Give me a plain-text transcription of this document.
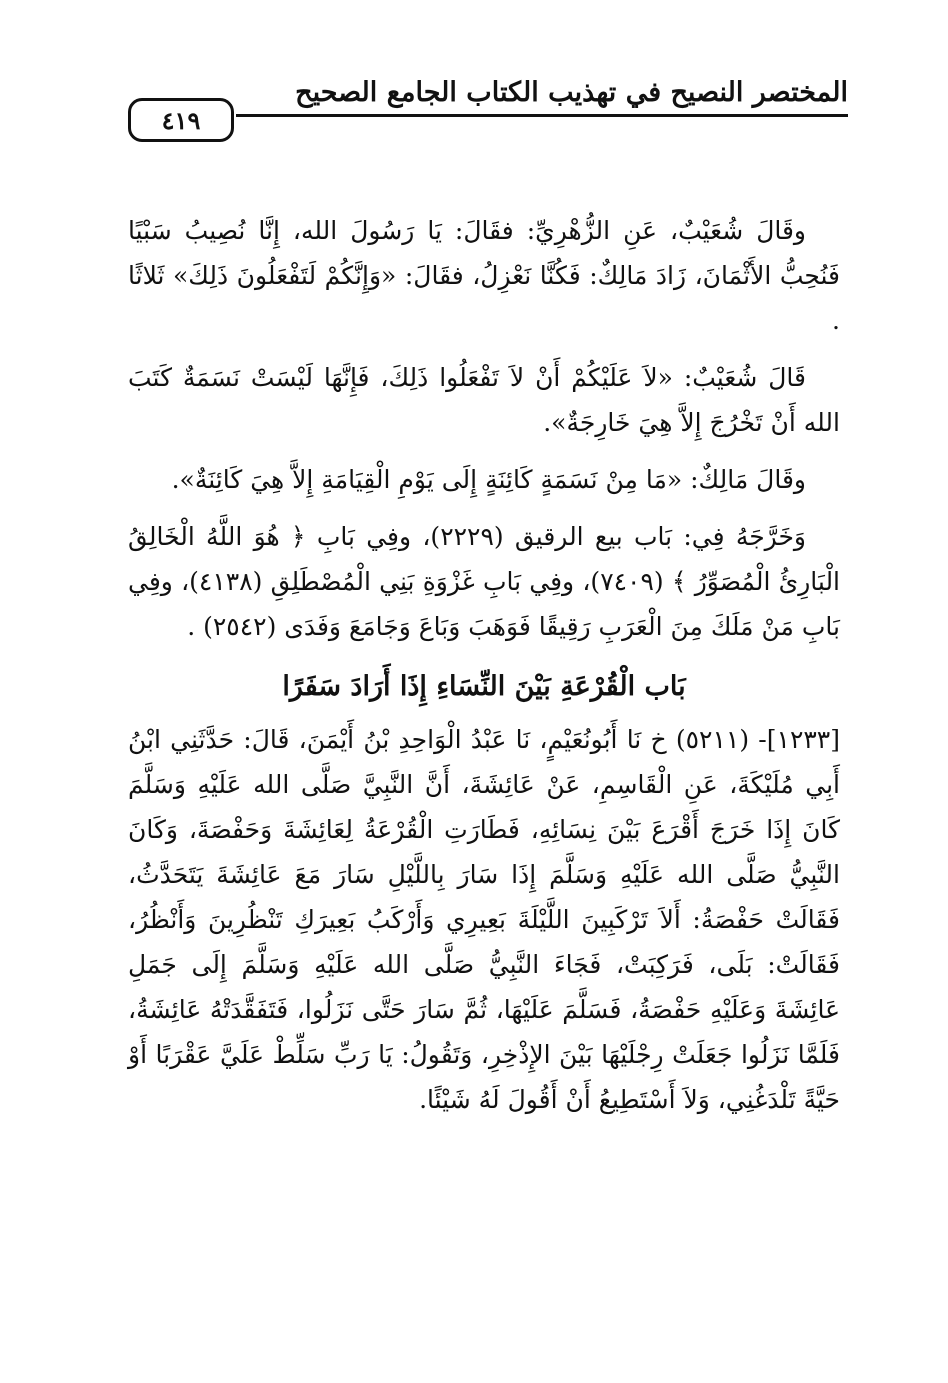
المختصر النصيح في تهذيب الكتاب الجامع الصحيح
٤١٩

وقَالَ شُعَيْبٌ، عَنِ الزُّهْرِيِّ: فقَالَ: يَا رَسُولَ الله، إِنَّا نُصِيبُ سَبْيًا فَنُحِبُّ الأَثْمَانَ، زَادَ مَالِكٌ: فَكُنَّا نَعْزِلُ، فقَالَ: «وَإِنَّكُمْ لَتَفْعَلُونَ ذَلِكَ» ثَلاثًا .

قَالَ شُعَيْبٌ: «لاَ عَلَيْكُمْ أَنْ لاَ تَفْعَلُوا ذَلِكَ، فَإِنَّهَا لَيْسَتْ نَسَمَةٌ كَتَبَ الله أَنْ تَخْرُجَ إِلاَّ هِيَ خَارِجَةٌ».

وقَالَ مَالِكٌ: «مَا مِنْ نَسَمَةٍ كَائِنَةٍ إِلَى يَوْمِ الْقِيَامَةِ إِلاَّ هِيَ كَائِنَةٌ».

وَخَرَّجَهُ فِي: بَاب بيع الرقيق (٢٢٢٩)، وفِي بَابِ ﴿ هُوَ اللَّهُ الْخَالِقُ الْبَارِئُ الْمُصَوِّرُ ﴾ (٧٤٠٩)، وفِي بَابِ غَزْوَةِ بَنِي الْمُصْطَلِقِ (٤١٣٨)، وفِي بَابِ مَنْ مَلَكَ مِنَ الْعَرَبِ رَقِيقًا فَوَهَبَ وَبَاعَ وَجَامَعَ وَفَدَى (٢٥٤٢) .

بَاب الْقُرْعَةِ بَيْنَ النِّسَاءِ إِذَا أَرَادَ سَفَرًا

[١٢٣٣]- (٥٢١١) خ نَا أَبُونُعَيْمٍ، نَا عَبْدُ الْوَاحِدِ بْنُ أَيْمَنَ، قَالَ: حَدَّثَنِي ابْنُ أَبِي مُلَيْكَةَ، عَنِ الْقَاسِمِ، عَنْ عَائِشَةَ، أَنَّ النَّبِيَّ صَلَّى الله عَلَيْهِ وَسَلَّمَ كَانَ إِذَا خَرَجَ أَقْرَعَ بَيْنَ نِسَائِهِ، فَطَارَتِ الْقُرْعَةُ لِعَائِشَةَ وَحَفْصَةَ، وَكَانَ النَّبِيُّ صَلَّى الله عَلَيْهِ وَسَلَّمَ إِذَا سَارَ بِاللَّيْلِ سَارَ مَعَ عَائِشَةَ يَتَحَدَّثُ، فَقَالَتْ حَفْصَةُ: أَلاَ تَرْكَبِينَ اللَّيْلَةَ بَعِيرِي وَأَرْكَبُ بَعِيرَكِ تَنْظُرِينَ وَأَنْظُرُ، فَقَالَتْ: بَلَى، فَرَكِبَتْ، فَجَاءَ النَّبِيُّ صَلَّى الله عَلَيْهِ وَسَلَّمَ إِلَى جَمَلِ عَائِشَةَ وَعَلَيْهِ حَفْصَةُ، فَسَلَّمَ عَلَيْهَا، ثُمَّ سَارَ حَتَّى نَزَلُوا، فَتَفَقَّدَتْهُ عَائِشَةُ، فَلَمَّا نَزَلُوا جَعَلَتْ رِجْلَيْهَا بَيْنَ الإِذْخِرِ، وَتَقُولُ: يَا رَبِّ سَلِّطْ عَلَيَّ عَقْرَبًا أَوْ حَيَّةً تَلْدَغُنِي، وَلاَ أَسْتَطِيعُ أَنْ أَقُولَ لَهُ شَيْئًا.
